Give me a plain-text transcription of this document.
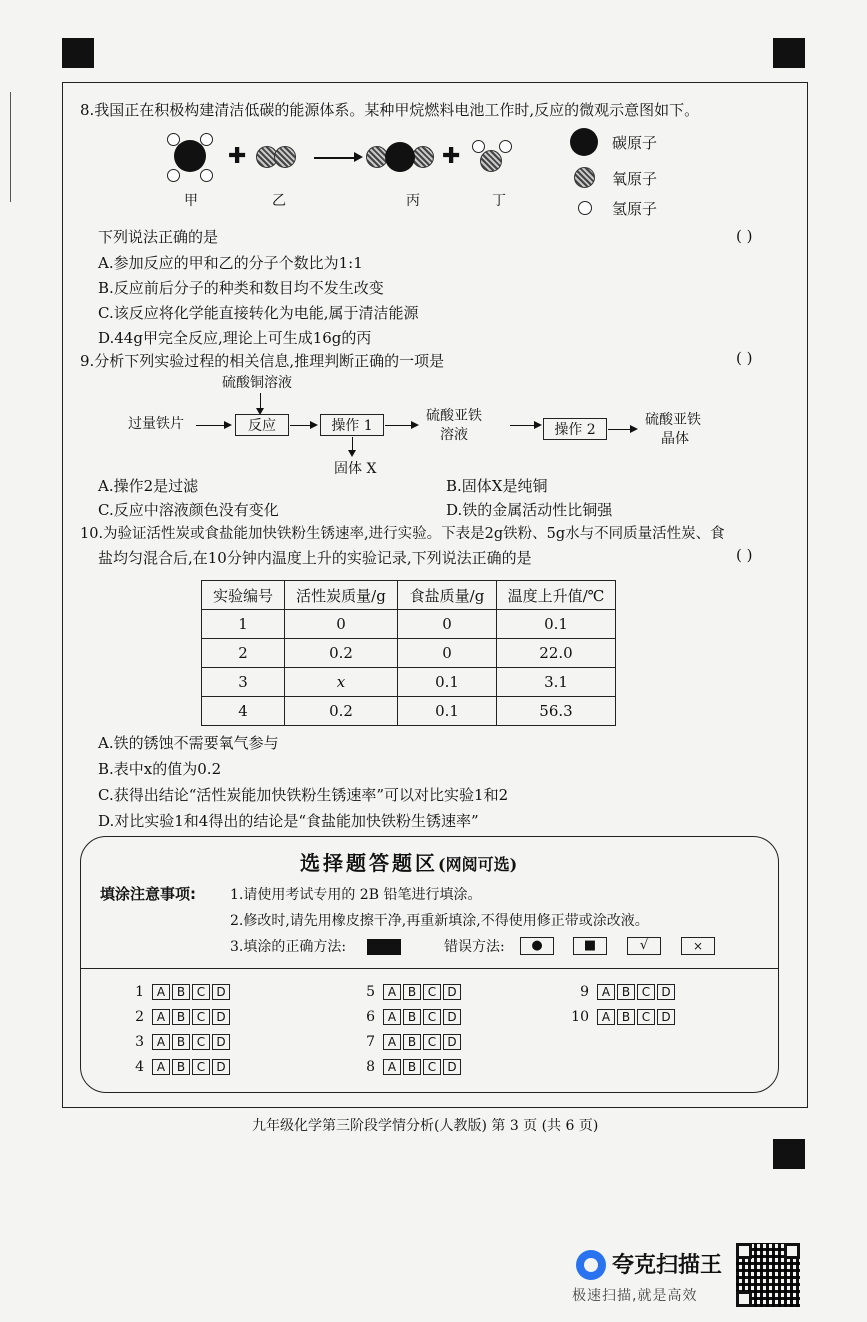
8.我国正在积极构建清洁低碳的能源体系。某种甲烷燃料电池工作时,反应的微观示意图如下。
甲
✚
乙	丙
✚
丁
碳原子
氧原子
氢原子
下列说法正确的是	( )
A.参加反应的甲和乙的分子个数比为1:1
B.反应前后分子的种类和数目均不发生改变
C.该反应将化学能直接转化为电能,属于清洁能源
D.44g甲完全反应,理论上可生成16g的丙
9.分析下列实验过程的相关信息,推理判断正确的一项是	( )
硫酸铜溶液
过量铁片	反应	操作 1
固体 X
硫酸亚铁
溶液	操作 2
硫酸亚铁
晶体
A.操作2是过滤	B.固体X是纯铜
C.反应中溶液颜色没有变化	D.铁的金属活动性比铜强
10.为验证活性炭或食盐能加快铁粉生锈速率,进行实验。下表是2g铁粉、5g水与不同质量活性炭、食
盐均匀混合后,在10分钟内温度上升的实验记录,下列说法正确的是	( )
实验编号	活性炭质量/g	食盐质量/g	温度上升值/℃
1	0	0	0.1
2	0.2	0	22.0
3	x	0.1	3.1
4	0.2	0.1	56.3
A.铁的锈蚀不需要氧气参与
B.表中x的值为0.2
C.获得出结论“活性炭能加快铁粉生锈速率”可以对比实验1和2
D.对比实验1和4得出的结论是“食盐能加快铁粉生锈速率”
选择题答题区(网阅可选)
填涂注意事项: 1.请使用考试专用的 2B 铅笔进行填涂。
2.修改时,请先用橡皮擦干净,再重新填涂,不得使用修正带或涂改液。
3.填涂的正确方法:	错误方法:	●	■	√	×
1	A B C D
2	A B C D
3	A B C D
4	A B C D
5	A B C D
6	A B C D
7	A B C D
8	A B C D
9	A B C D
10	A B C D
九年级化学第三阶段学情分析(人教版) 第 3 页 (共 6 页)
夸克扫描王
极速扫描,就是高效
